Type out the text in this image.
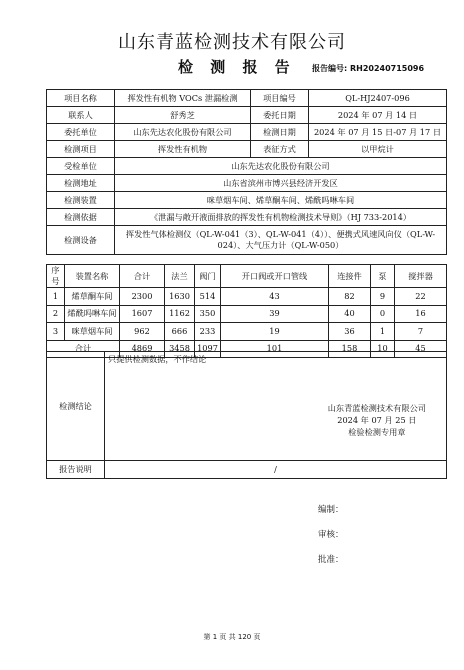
山东青蓝检测技术有限公司
检 测 报 告 报告编号: RH20240715096
项目名称	挥发性有机物 VOCs 泄漏检测	项目编号	QL-HJ2407-096
联系人	舒秀芝	委托日期	2024 年 07 月 14 日
委托单位	山东先达农化股份有限公司	检测日期	2024 年 07 月 15 日-07 月 17 日
检测项目	挥发性有机物	表征方式	以甲烷计
受检单位	山东先达农化股份有限公司		
检测地址	山东省滨州市博兴县经济开发区		
检测装置	咪草烟车间、烯草酮车间、烯酰吗啉车间		
检测依据	《泄漏与敞开液面排放的挥发性有机物检测技术导则》（HJ 733-2014）		
检测设备	挥发性气体检测仪（QL-W-041（3）、QL-W-041（4））、便携式风速风向仪（QL-W-024）、大气压力计（QL-W-050）		
序号	装置名称	合计	法兰	阀门	开口阀或开口管线	连接件	泵	搅拌器
1	烯草酮车间	2300	1630	514	43	82	9	22
2	烯酰吗啉车间	1607	1162	350	39	40	0	16
3	咪草烟车间	962	666	233	19	36	1	7
合计		4869	3458	1097	101	158	10	45
检测结论	只提供检测数据，不作结论
山东青蓝检测技术有限公司
2024 年 07 月 25 日
检验检测专用章

报告说明	/
编制：
审核：
批准：
第 1 页 共 120 页
